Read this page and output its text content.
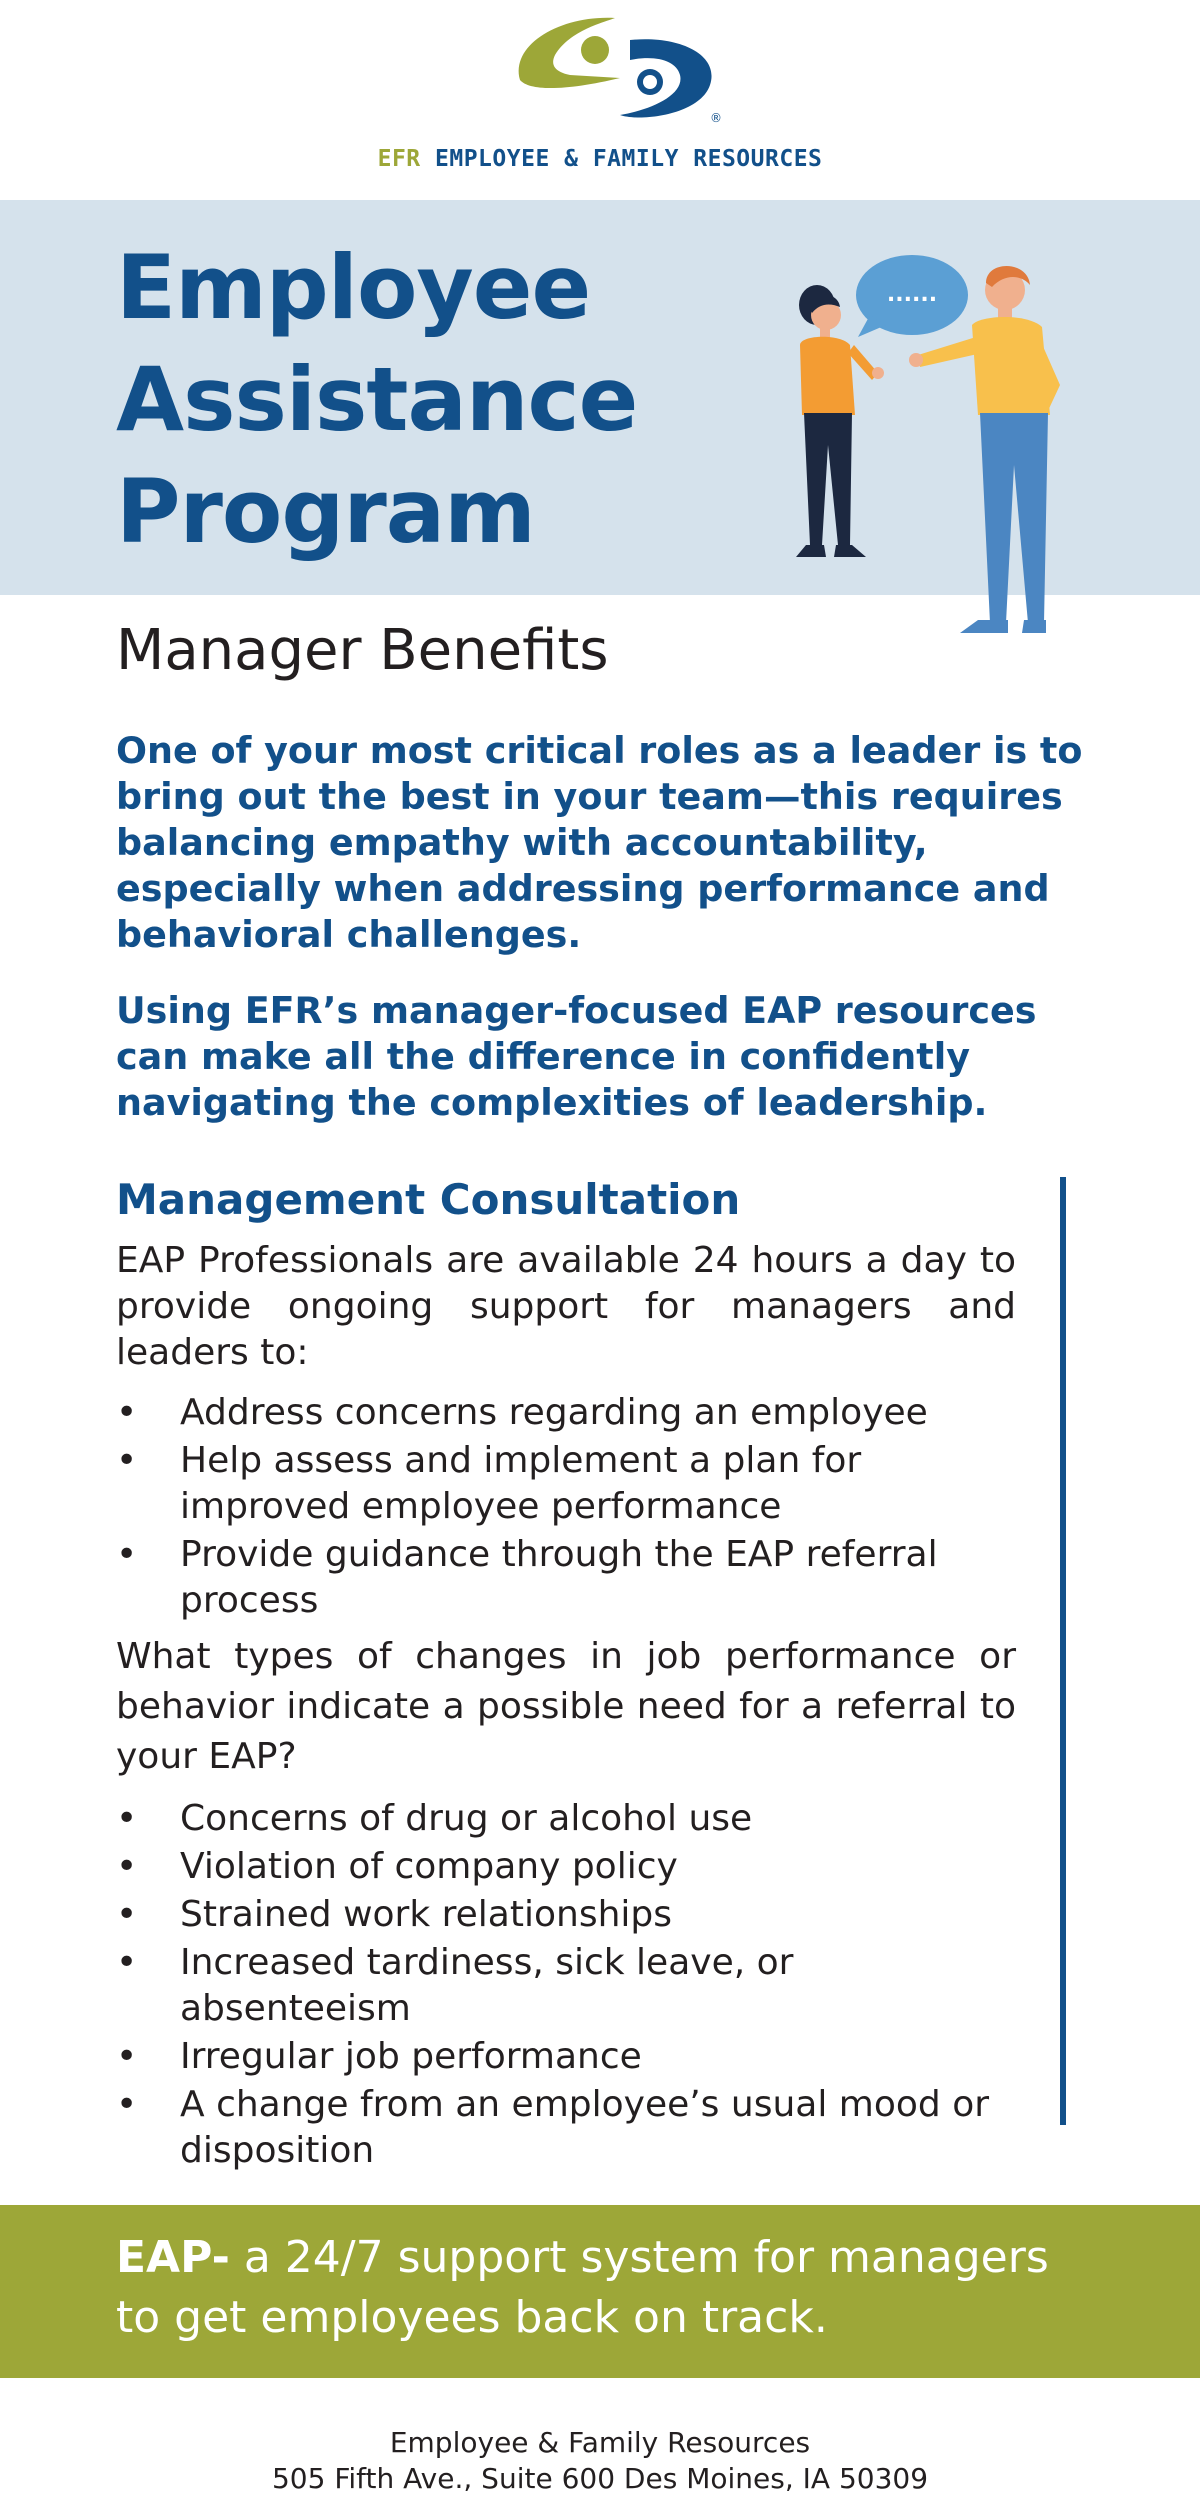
®
EFR EMPLOYEE & FAMILY RESOURCES
Employee
Assistance
Program
......
Manager Benefits

One of your most critical roles as a leader is to bring out the best in your team—this requires balancing empathy with accountability, especially when addressing performance and behavioral challenges.

Using EFR’s manager-focused EAP resources can make all the difference in confidently navigating the complexities of leadership.

Management Consultation

EAP Professionals are available 24 hours a day to provide ongoing support for managers and leaders to:

• Address concerns regarding an employee
• Help assess and implement a plan for improved employee performance
• Provide guidance through the EAP referral process

What types of changes in job performance or behavior indicate a possible need for a referral to your EAP?

• Concerns of drug or alcohol use
• Violation of company policy
• Strained work relationships
• Increased tardiness, sick leave, or absenteeism
• Irregular job performance
• A change from an employee’s usual mood or disposition

EAP- a 24/7 support system for managers to get employees back on track.

Employee & Family Resources
505 Fifth Ave., Suite 600 Des Moines, IA 50309
